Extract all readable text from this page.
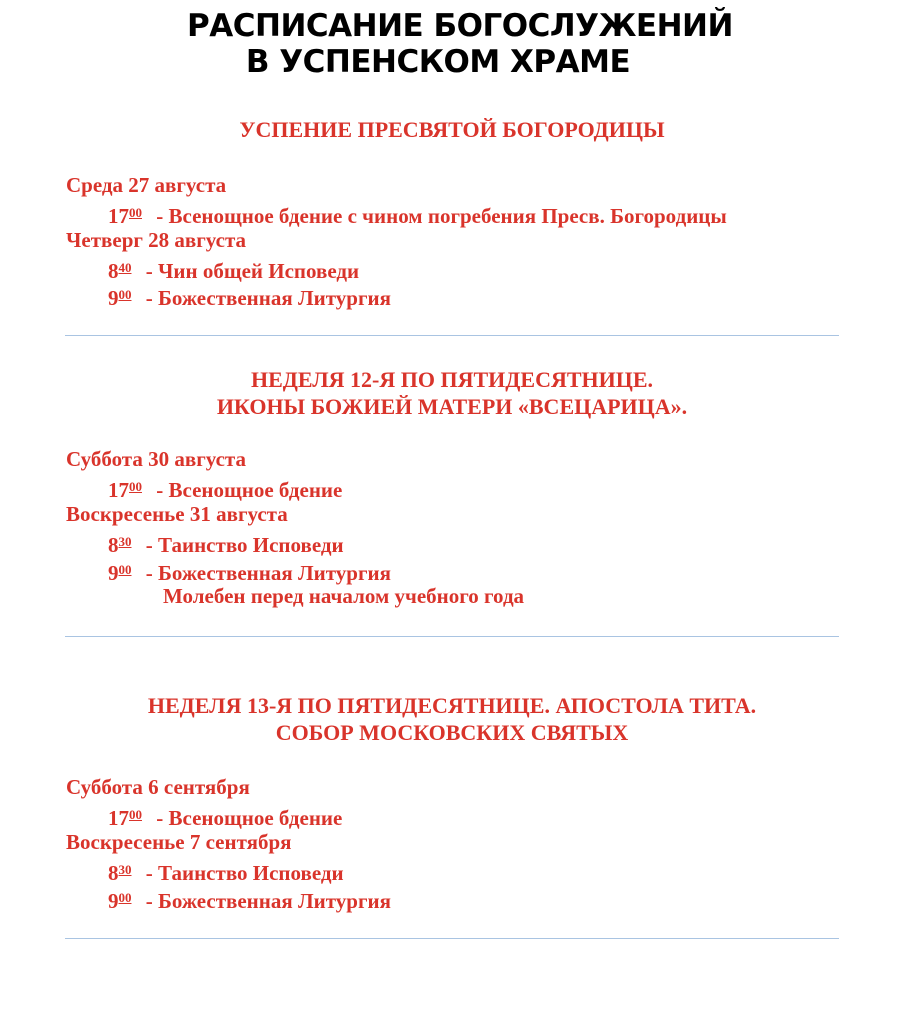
РАСПИСАНИЕ БОГОСЛУЖЕНИЙ
В УСПЕНСКОМ ХРАМЕ
УСПЕНИЕ ПРЕСВЯТОЙ БОГОРОДИЦЫ
Среда 27 августа
1700 - Всенощное бдение с чином погребения Пресв. Богородицы
Четверг 28 августа
840 - Чин общей Исповеди
900 - Божественная Литургия
НЕДЕЛЯ 12-Я ПО ПЯТИДЕСЯТНИЦЕ.
ИКОНЫ БОЖИЕЙ МАТЕРИ «ВСЕЦАРИЦА».
Суббота 30 августа
1700 - Всенощное бдение
Воскресенье 31 августа
830 - Таинство Исповеди
900 - Божественная Литургия
Молебен перед началом учебного года
НЕДЕЛЯ 13-Я ПО ПЯТИДЕСЯТНИЦЕ. АПОСТОЛА ТИТА.
СОБОР МОСКОВСКИХ СВЯТЫХ
Суббота 6 сентября
1700 - Всенощное бдение
Воскресенье 7 сентября
830 - Таинство Исповеди
900 - Божественная Литургия
